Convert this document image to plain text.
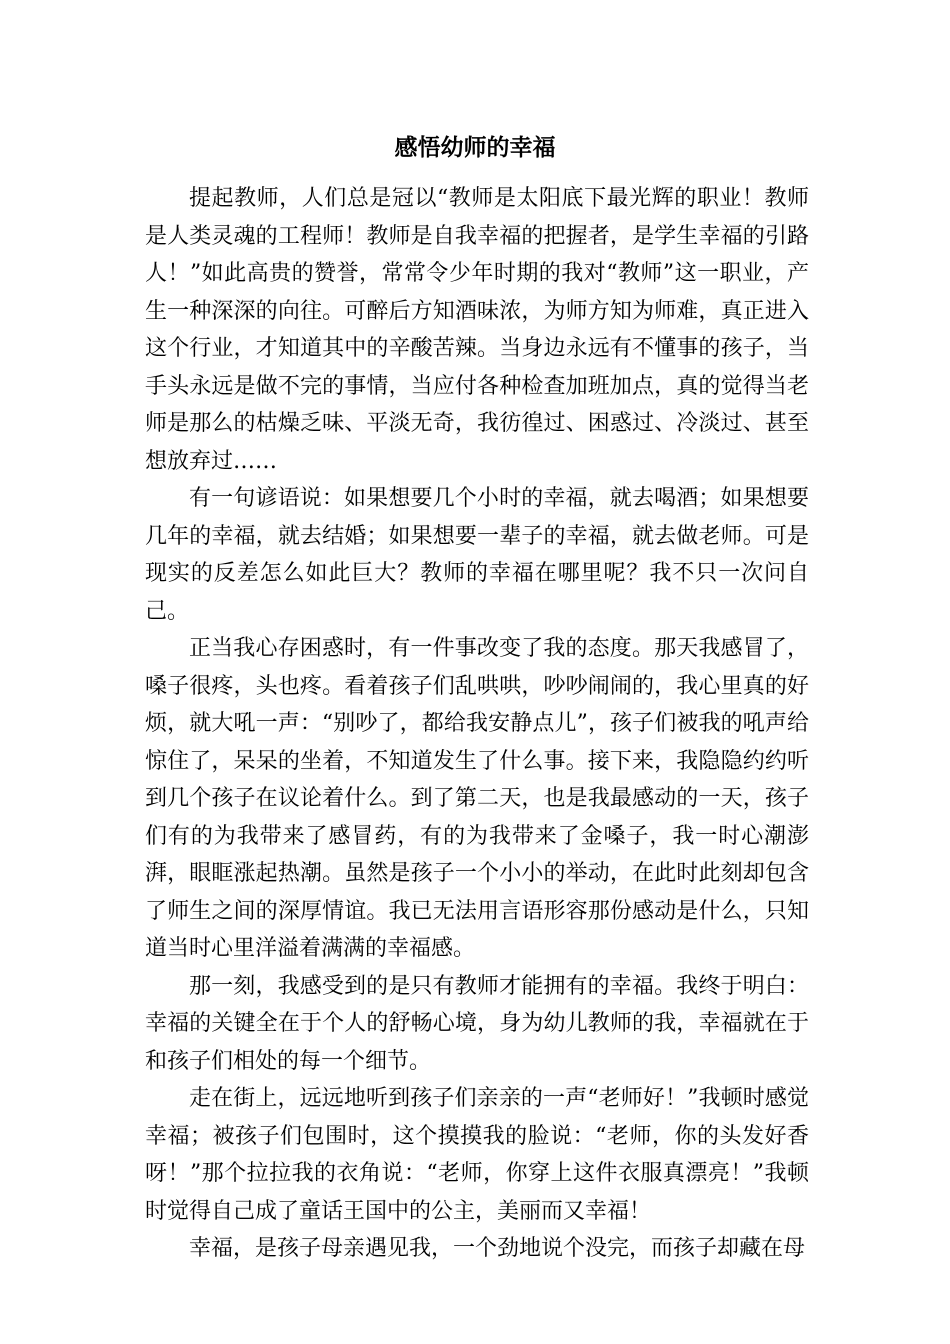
感悟幼师的幸福

提起教师，人们总是冠以“教师是太阳底下最光辉的职业！教师是人类灵魂的工程师！教师是自我幸福的把握者，是学生幸福的引路人！”如此高贵的赞誉，常常令少年时期的我对“教师”这一职业，产生一种深深的向往。可醉后方知酒味浓，为师方知为师难，真正进入这个行业，才知道其中的辛酸苦辣。当身边永远有不懂事的孩子，当手头永远是做不完的事情，当应付各种检查加班加点，真的觉得当老师是那么的枯燥乏味、平淡无奇，我彷徨过、困惑过、冷淡过、甚至想放弃过……

有一句谚语说：如果想要几个小时的幸福，就去喝酒；如果想要几年的幸福，就去结婚；如果想要一辈子的幸福，就去做老师。可是现实的反差怎么如此巨大？教师的幸福在哪里呢？我不只一次问自己。

正当我心存困惑时，有一件事改变了我的态度。那天我感冒了，嗓子很疼，头也疼。看着孩子们乱哄哄，吵吵闹闹的，我心里真的好烦，就大吼一声：“别吵了，都给我安静点儿”，孩子们被我的吼声给惊住了，呆呆的坐着，不知道发生了什么事。接下来，我隐隐约约听到几个孩子在议论着什么。到了第二天，也是我最感动的一天，孩子们有的为我带来了感冒药，有的为我带来了金嗓子，我一时心潮澎湃，眼眶涨起热潮。虽然是孩子一个小小的举动，在此时此刻却包含了师生之间的深厚情谊。我已无法用言语形容那份感动是什么，只知道当时心里洋溢着满满的幸福感。

那一刻，我感受到的是只有教师才能拥有的幸福。我终于明白：幸福的关键全在于个人的舒畅心境，身为幼儿教师的我，幸福就在于和孩子们相处的每一个细节。

走在街上，远远地听到孩子们亲亲的一声“老师好！”我顿时感觉幸福；被孩子们包围时，这个摸摸我的脸说：“老师，你的头发好香呀！”那个拉拉我的衣角说：“老师，你穿上这件衣服真漂亮！”我顿时觉得自己成了童话王国中的公主，美丽而又幸福！

幸福，是孩子母亲遇见我，一个劲地说个没完，而孩子却藏在母
